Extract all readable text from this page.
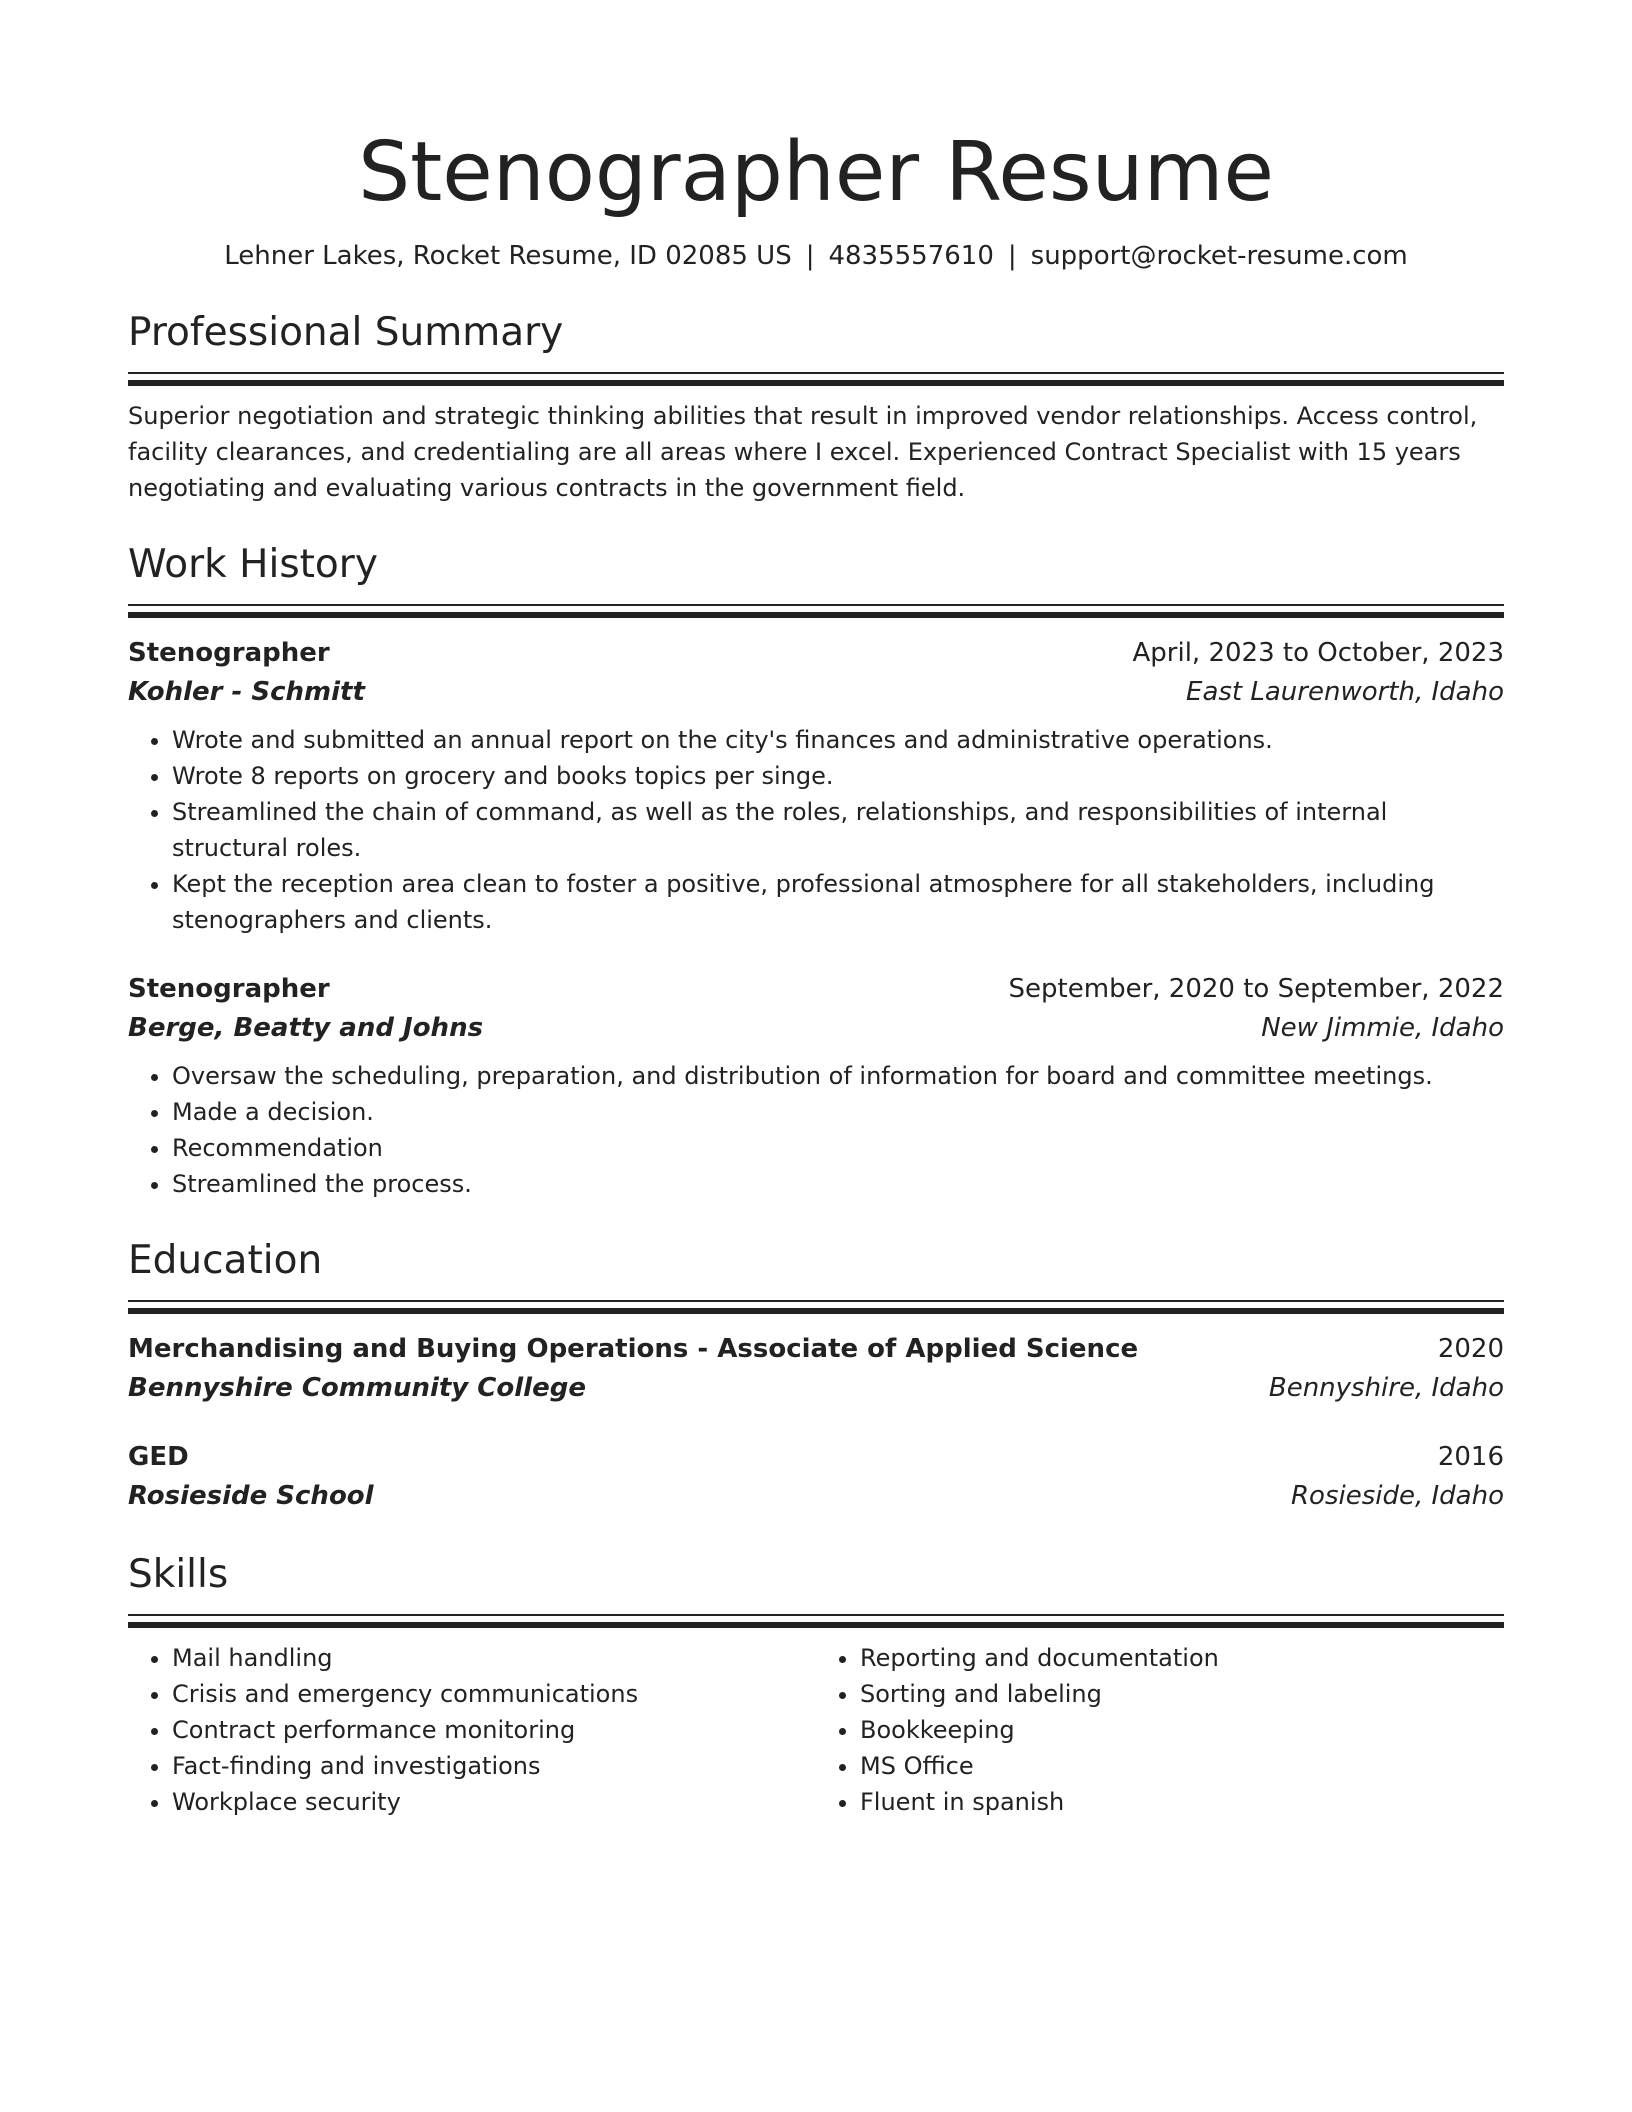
Stenographer Resume
Lehner Lakes, Rocket Resume, ID 02085 US | 4835557610 | support@rocket-resume.com
Professional Summary
Superior negotiation and strategic thinking abilities that result in improved vendor relationships. Access control, facility clearances, and credentialing are all areas where I excel. Experienced Contract Specialist with 15 years negotiating and evaluating various contracts in the government field.
Work History
Stenographer	April, 2023 to October, 2023
Kohler - Schmitt	East Laurenworth, Idaho
• Wrote and submitted an annual report on the city's finances and administrative operations.
• Wrote 8 reports on grocery and books topics per singe.
• Streamlined the chain of command, as well as the roles, relationships, and responsibilities of internal structural roles.
• Kept the reception area clean to foster a positive, professional atmosphere for all stakeholders, including stenographers and clients.
Stenographer	September, 2020 to September, 2022
Berge, Beatty and Johns	New Jimmie, Idaho
• Oversaw the scheduling, preparation, and distribution of information for board and committee meetings.
• Made a decision.
• Recommendation
• Streamlined the process.
Education
Merchandising and Buying Operations - Associate of Applied Science	2020
Bennyshire Community College	Bennyshire, Idaho
GED	2016
Rosieside School	Rosieside, Idaho
Skills
• Mail handling
• Crisis and emergency communications
• Contract performance monitoring
• Fact-finding and investigations
• Workplace security
• Reporting and documentation
• Sorting and labeling
• Bookkeeping
• MS Office
• Fluent in spanish
